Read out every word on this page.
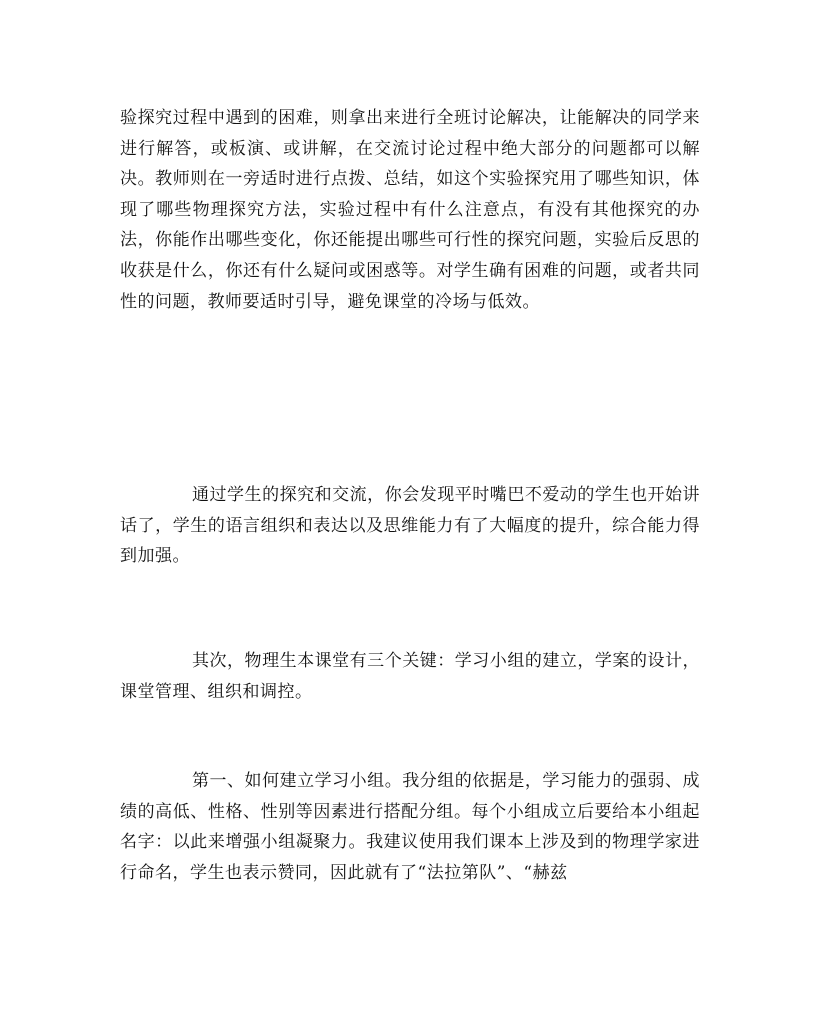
验探究过程中遇到的困难，则拿出来进行全班讨论解决，让能解决的同学来进行解答，或板演、或讲解，在交流讨论过程中绝大部分的问题都可以解决。教师则在一旁适时进行点拨、总结，如这个实验探究用了哪些知识，体现了哪些物理探究方法，实验过程中有什么注意点，有没有其他探究的办法，你能作出哪些变化，你还能提出哪些可行性的探究问题，实验后反思的收获是什么，你还有什么疑问或困惑等。对学生确有困难的问题，或者共同性的问题，教师要适时引导，避免课堂的冷场与低效。

通过学生的探究和交流，你会发现平时嘴巴不爱动的学生也开始讲话了，学生的语言组织和表达以及思维能力有了大幅度的提升，综合能力得到加强。

其次，物理生本课堂有三个关键：学习小组的建立，学案的设计，课堂管理、组织和调控。

第一、如何建立学习小组。我分组的依据是，学习能力的强弱、成绩的高低、性格、性别等因素进行搭配分组。每个小组成立后要给本小组起名字：以此来增强小组凝聚力。我建议使用我们课本上涉及到的物理学家进行命名，学生也表示赞同，因此就有了“法拉第队”、“赫兹
